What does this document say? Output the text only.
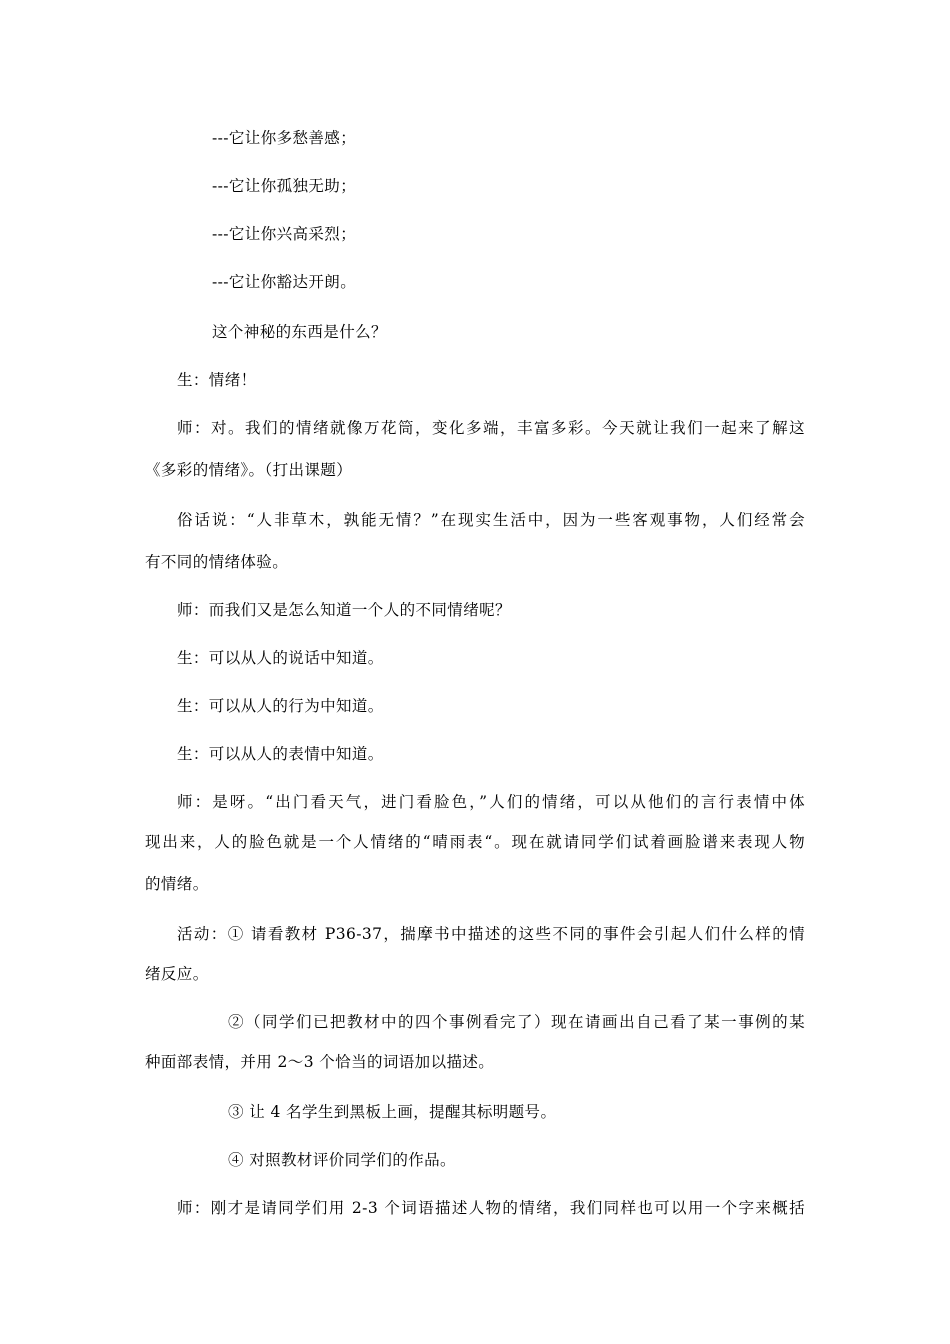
---它让你多愁善感；
---它让你孤独无助；
---它让你兴高采烈；
---它让你豁达开朗。
这个神秘的东西是什么？
生：情绪！
师：对。我们的情绪就像万花筒，变化多端，丰富多彩。今天就让我们一起来了解这
《多彩的情绪》。（打出课题）
俗话说：“人非草木，孰能无情？”在现实生活中，因为一些客观事物，人们经常会
有不同的情绪体验。
师：而我们又是怎么知道一个人的不同情绪呢？
生：可以从人的说话中知道。
生：可以从人的行为中知道。
生：可以从人的表情中知道。
师：是呀。“出门看天气，进门看脸色，”人们的情绪，可以从他们的言行表情中体
现出来，人的脸色就是一个人情绪的“晴雨表“。现在就请同学们试着画脸谱来表现人物
的情绪。
活动：① 请看教材 P36-37，揣摩书中描述的这些不同的事件会引起人们什么样的情
绪反应。
②（同学们已把教材中的四个事例看完了）现在请画出自己看了某一事例的某
种面部表情，并用 2～3 个恰当的词语加以描述。
③ 让 4 名学生到黑板上画，提醒其标明题号。
④ 对照教材评价同学们的作品。
师：刚才是请同学们用 2-3 个词语描述人物的情绪，我们同样也可以用一个字来概括
